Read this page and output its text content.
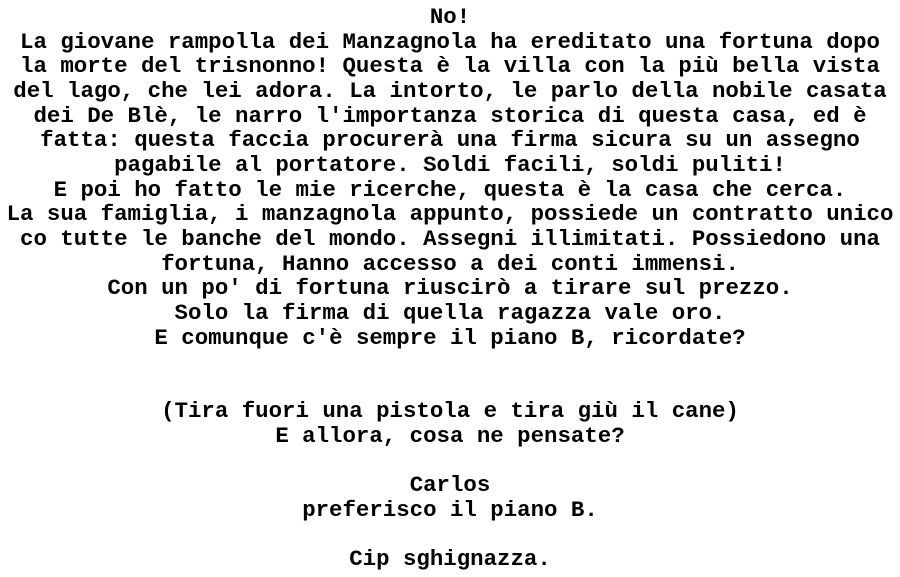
No!
La giovane rampolla dei Manzagnola ha ereditato una fortuna dopo
la morte del trisnonno! Questa è la villa con la più bella vista
del lago, che lei adora. La intorto, le parlo della nobile casata
dei De Blè, le narro l'importanza storica di questa casa, ed è
fatta: questa faccia procurerà una firma sicura su un assegno
pagabile al portatore. Soldi facili, soldi puliti!
E poi ho fatto le mie ricerche, questa è la casa che cerca.
La sua famiglia, i manzagnola appunto, possiede un contratto unico
co tutte le banche del mondo. Assegni illimitati. Possiedono una
fortuna, Hanno accesso a dei conti immensi.
Con un po' di fortuna riuscirò a tirare sul prezzo.
Solo la firma di quella ragazza vale oro.
E comunque c'è sempre il piano B, ricordate?
(Tira fuori una pistola e tira giù il cane)
E allora, cosa ne pensate?
Carlos
preferisco il piano B.
Cip sghignazza.
